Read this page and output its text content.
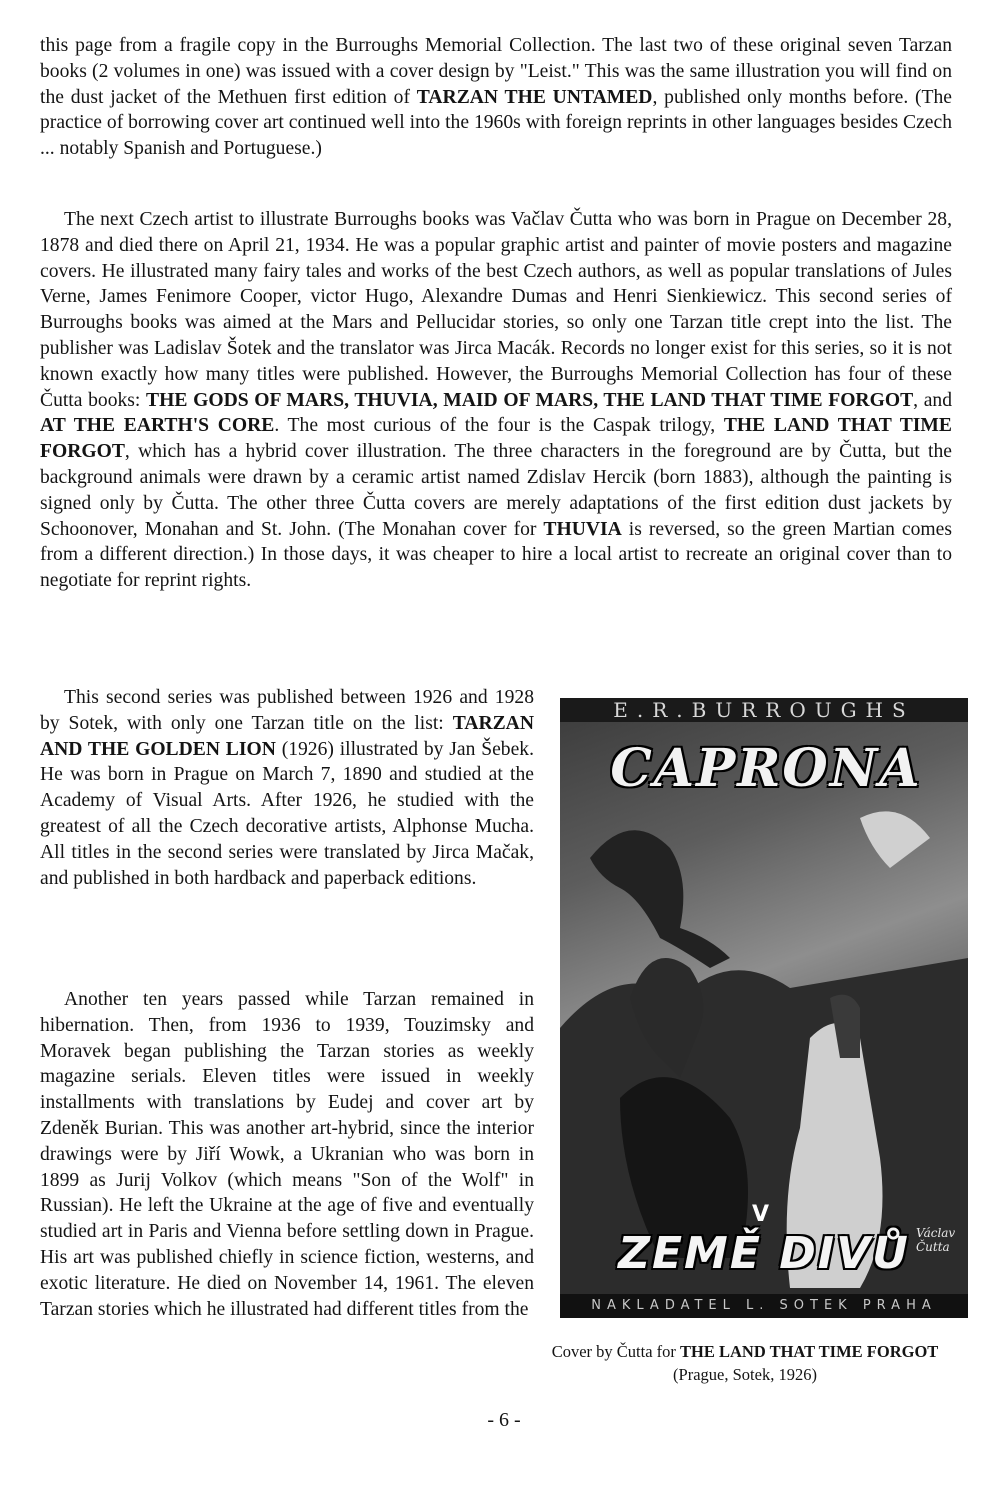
this page from a fragile copy in the Burroughs Memorial Collection. The last two of these original seven Tarzan books (2 volumes in one) was issued with a cover design by "Leist." This was the same illustration you will find on the dust jacket of the Methuen first edition of TARZAN THE UNTAMED, published only months before. (The practice of borrowing cover art continued well into the 1960s with foreign reprints in other languages besides Czech ... notably Spanish and Portuguese.)

The next Czech artist to illustrate Burroughs books was Vačlav Čutta who was born in Prague on December 28, 1878 and died there on April 21, 1934. He was a popular graphic artist and painter of movie posters and magazine covers. He illustrated many fairy tales and works of the best Czech authors, as well as popular translations of Jules Verne, James Fenimore Cooper, victor Hugo, Alexandre Dumas and Henri Sienkiewicz. This second series of Burroughs books was aimed at the Mars and Pellucidar stories, so only one Tarzan title crept into the list. The publisher was Ladislav Šotek and the translator was Jirca Macák. Records no longer exist for this series, so it is not known exactly how many titles were published. However, the Burroughs Memorial Collection has four of these Čutta books: THE GODS OF MARS, THUVIA, MAID OF MARS, THE LAND THAT TIME FORGOT, and AT THE EARTH'S CORE. The most curious of the four is the Caspak trilogy, THE LAND THAT TIME FORGOT, which has a hybrid cover illustration. The three characters in the foreground are by Čutta, but the background animals were drawn by a ceramic artist named Zdislav Hercik (born 1883), although the painting is signed only by Čutta. The other three Čutta covers are merely adaptations of the first edition dust jackets by Schoonover, Monahan and St. John. (The Monahan cover for THUVIA is reversed, so the green Martian comes from a different direction.) In those days, it was cheaper to hire a local artist to recreate an original cover than to negotiate for reprint rights.

This second series was published between 1926 and 1928 by Sotek, with only one Tarzan title on the list: TARZAN AND THE GOLDEN LION (1926) illustrated by Jan Šebek. He was born in Prague on March 7, 1890 and studied at the Academy of Visual Arts. After 1926, he studied with the greatest of all the Czech decorative artists, Alphonse Mucha. All titles in the second series were translated by Jirca Mačak, and published in both hardback and paperback editions.

Another ten years passed while Tarzan remained in hibernation. Then, from 1936 to 1939, Touzimsky and Moravek began publishing the Tarzan stories as weekly magazine serials. Eleven titles were issued in weekly installments with translations by Eudej and cover art by Zdeněk Burian. This was another art-hybrid, since the interior drawings were by Jiří Wowk, a Ukranian who was born in 1899 as Jurij Volkov (which means "Son of the Wolf" in Russian). He left the Ukraine at the age of five and eventually studied art in Paris and Vienna before settling down in Prague. His art was published chiefly in science fiction, westerns, and exotic literature. He died on November 14, 1961. The eleven Tarzan stories which he illustrated had different titles from the

E.R.BURROUGHS
CAPRONA
V
ZEMĚ DIVŮ Václav
Čutta
NAKLADATEL L. SOTEK PRAHA

Cover by Čutta for THE LAND THAT TIME FORGOT (Prague, Sotek, 1926)

- 6 -
